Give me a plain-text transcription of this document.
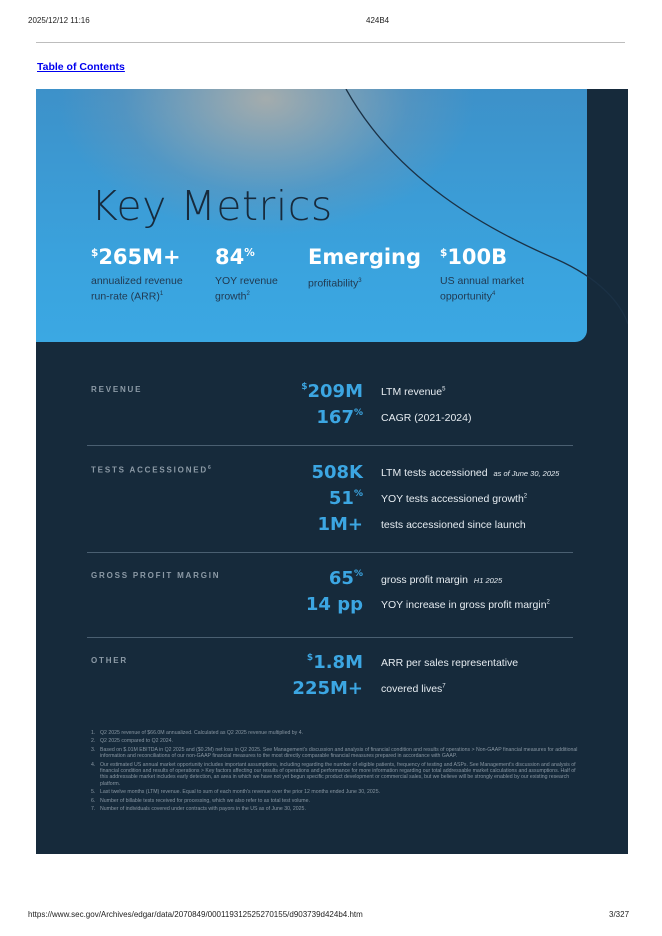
2025/12/12 11:16	424B4
Table of Contents
Key Metrics
$265M+
annualized revenue
run-rate (ARR)$^1$
84%
YOY revenue
growth$^2$
Emerging
profitability$^3$
$100B
US annual market
opportunity$^4$
REVENUE	$209M LTM revenue$^5$
167% CAGR (2021-2024)
TESTS ACCESSIONED$^6$	508K LTM tests accessioned as of June 30, 2025
51% YOY tests accessioned growth$^2$
1M+ tests accessioned since launch
GROSS PROFIT MARGIN	65% gross profit margin H1 2025
14 pp YOY increase in gross profit margin$^2$
OTHER	$1.8M ARR per sales representative
225M+ covered lives$^7$
1. Q2 2025 revenue of $66.0M annualized. Calculated as Q2 2025 revenue multiplied by 4.
2. Q2 2025 compared to Q2 2024.
3. Based on $.01M EBITDA in Q2 2025 and ($0.2M) net loss in Q2 2025. See Management's discussion and analysis of financial condition and results of operations > Non-GAAP financial measures for additional information and reconciliations of our non-GAAP financial measures to the most directly comparable financial measures prepared in accordance with GAAP.
4. Our estimated US annual market opportunity includes important assumptions, including regarding the number of eligible patients, frequency of testing and ASPs. See Management's discussion and analysis of financial condition and results of operations > Key factors affecting our results of operations and performance for more information regarding our total addressable market calculations and assumptions. Half of this addressable market includes early detection, an area in which we have not yet begun specific product development or commercial sales, but we believe will be strongly enabled by our existing research platform.
5. Last twelve months (LTM) revenue. Equal to sum of each month's revenue over the prior 12 months ended June 30, 2025.
6. Number of billable tests received for processing, which we also refer to as total test volume.
7. Number of individuals covered under contracts with payors in the US as of June 30, 2025.
https://www.sec.gov/Archives/edgar/data/2070849/000119312525270155/d903739d424b4.htm	3/327
